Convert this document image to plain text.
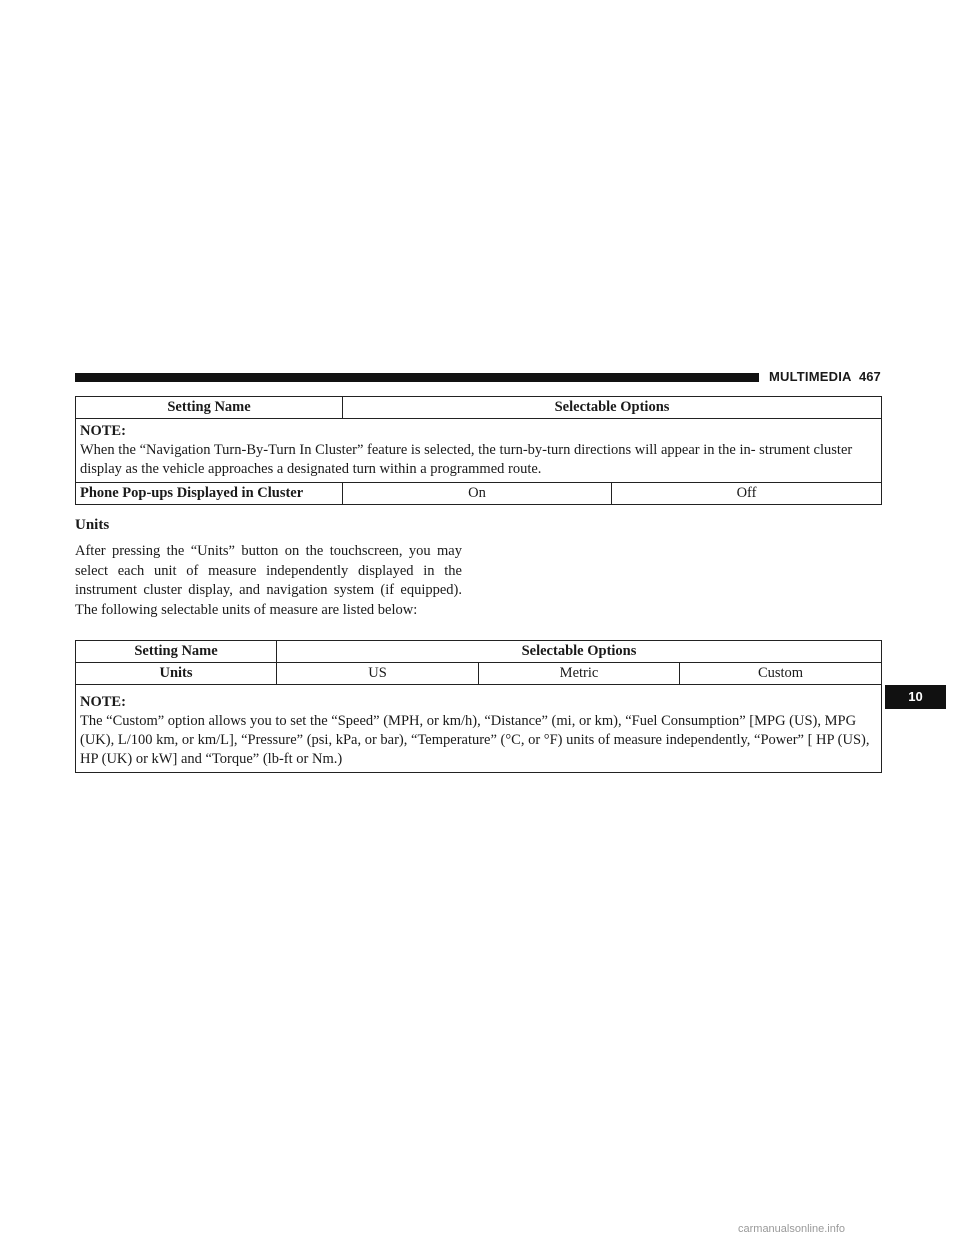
MULTIMEDIA 467
Setting Name	Selectable Options	

NOTE:
When the “Navigation Turn-By-Turn In Cluster” feature is selected, the turn-by-turn directions will appear in the in- strument cluster display as the vehicle approaches a designated turn within a programmed route.		
Phone Pop-ups Displayed in Cluster	On	Off
Units
After pressing the “Units” button on the touchscreen, you may select each unit of measure independently displayed in the instrument cluster display, and navigation system (if equipped). The following selectable units of measure are listed below:
Setting Name	Selectable Options		
Units	US	Metric	Custom

NOTE:
The “Custom” option allows you to set the “Speed” (MPH, or km/h), “Distance” (mi, or km), “Fuel Consumption” [MPG (US), MPG (UK), L/100 km, or km/L], “Pressure” (psi, kPa, or bar), “Temperature” (°C, or °F) units of measure independently, “Power” [ HP (US), HP (UK) or kW] and “Torque” (lb-ft or Nm.)			
10
carmanualsonline.info
